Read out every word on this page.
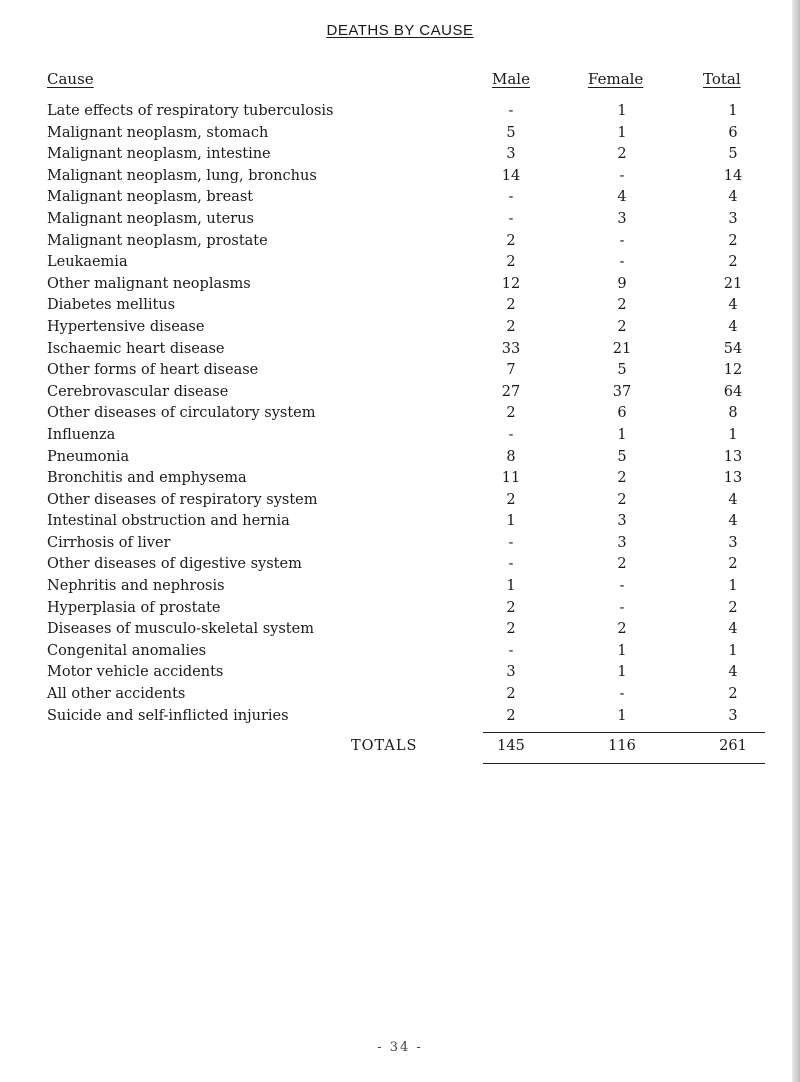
DEATHS BY CAUSE
Cause	Male	Female	Total
Late effects of respiratory tuberculosis	-	1	1
Malignant neoplasm, stomach	5	1	6
Malignant neoplasm, intestine	3	2	5
Malignant neoplasm, lung, bronchus	14	-	14
Malignant neoplasm, breast	-	4	4
Malignant neoplasm, uterus	-	3	3
Malignant neoplasm, prostate	2	-	2
Leukaemia	2	-	2
Other malignant neoplasms	12	9	21
Diabetes mellitus	2	2	4
Hypertensive disease	2	2	4
Ischaemic heart disease	33	21	54
Other forms of heart disease	7	5	12
Cerebrovascular disease	27	37	64
Other diseases of circulatory system	2	6	8
Influenza	-	1	1
Pneumonia	8	5	13
Bronchitis and emphysema	11	2	13
Other diseases of respiratory system	2	2	4
Intestinal obstruction and hernia	1	3	4
Cirrhosis of liver	-	3	3
Other diseases of digestive system	-	2	2
Nephritis and nephrosis	1	-	1
Hyperplasia of prostate	2	-	2
Diseases of musculo-skeletal system	2	2	4
Congenital anomalies	-	1	1
Motor vehicle accidents	3	1	4
All other accidents	2	-	2
Suicide and self-inflicted injuries	2	1	3
TOTALS	145	116	261
- 34 -
